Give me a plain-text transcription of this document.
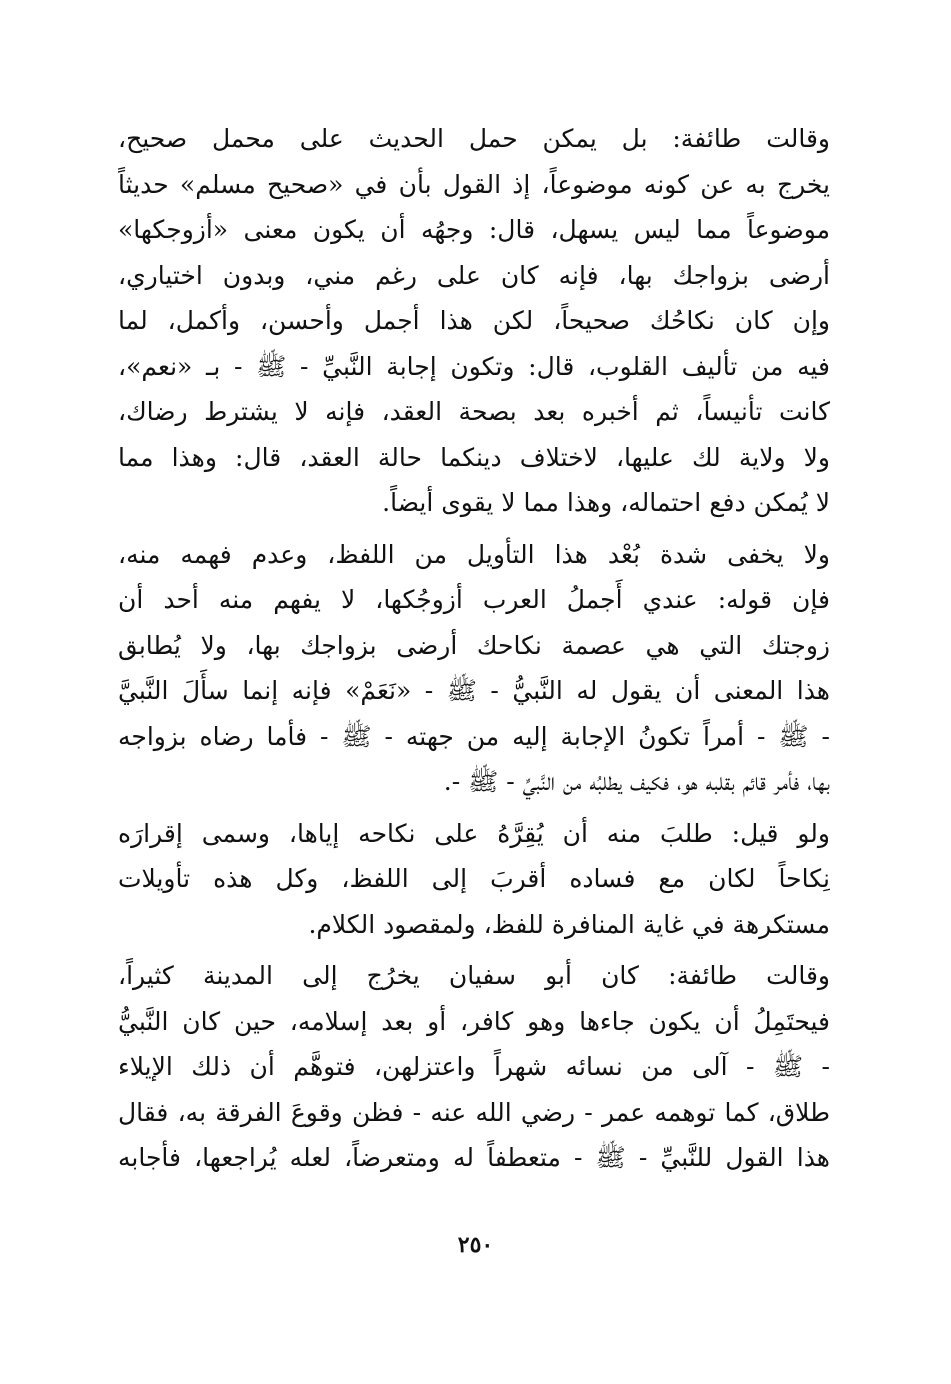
وقالت طائفة: بل يمكن حمل الحديث على محمل صحيح،
يخرج به عن كونه موضوعاً، إذ القول بأن في «صحيح مسلم» حديثاً
موضوعاً مما ليس يسهل، قال: وجهُه أن يكون معنى «أزوجكها»
أرضى بزواجك بها، فإنه كان على رغم مني، وبدون اختياري،
وإن كان نكاحُك صحيحاً، لكن هذا أجمل وأحسن، وأكمل، لما
فيه من تأليف القلوب، قال: وتكون إجابة النَّبيِّ - ﷺ - بـ «نعم»،
كانت تأنيساً، ثم أخبره بعد بصحة العقد، فإنه لا يشترط رضاك،
ولا ولاية لك عليها، لاختلاف دينكما حالة العقد، قال: وهذا مما
لا يُمكن دفع احتماله، وهذا مما لا يقوى أيضاً.
ولا يخفى شدة بُعْد هذا التأويل من اللفظ، وعدم فهمه منه،
فإن قوله: عندي أَجملُ العرب أزوجُكها، لا يفهم منه أحد أن
زوجتك التي هي عصمة نكاحك أرضى بزواجك بها، ولا يُطابق
هذا المعنى أن يقول له النَّبيُّ - ﷺ - «نَعَمْ» فإنه إنما سأَلَ النَّبيَّ
- ﷺ - أمراً تكونُ الإجابة إليه من جهته - ﷺ - فأما رضاه بزواجه
بها، فأمر قائم بقلبه هو، فكيف يطلبُه من النَّبيِّ - ﷺ -.
ولو قيل: طلبَ منه أن يُقِرَّهُ على نكاحه إياها، وسمى إقرارَه
نِكاحاً لكان مع فساده أقربَ إلى اللفظ، وكل هذه تأويلات
مستكرهة في غاية المنافرة للفظ، ولمقصود الكلام.
وقالت طائفة: كان أبو سفيان يخرُج إلى المدينة كثيراً،
فيحتَمِلُ أن يكون جاءها وهو كافر، أو بعد إسلامه، حين كان النَّبيُّ
- ﷺ - آلى من نسائه شهراً واعتزلهن، فتوهَّم أن ذلك الإيلاء
طلاق، كما توهمه عمر - رضي الله عنه - فظن وقوعَ الفرقة به، فقال
هذا القول للنَّبيِّ - ﷺ - متعطفاً له ومتعرضاً، لعله يُراجعها، فأجابه
٢٥٠
